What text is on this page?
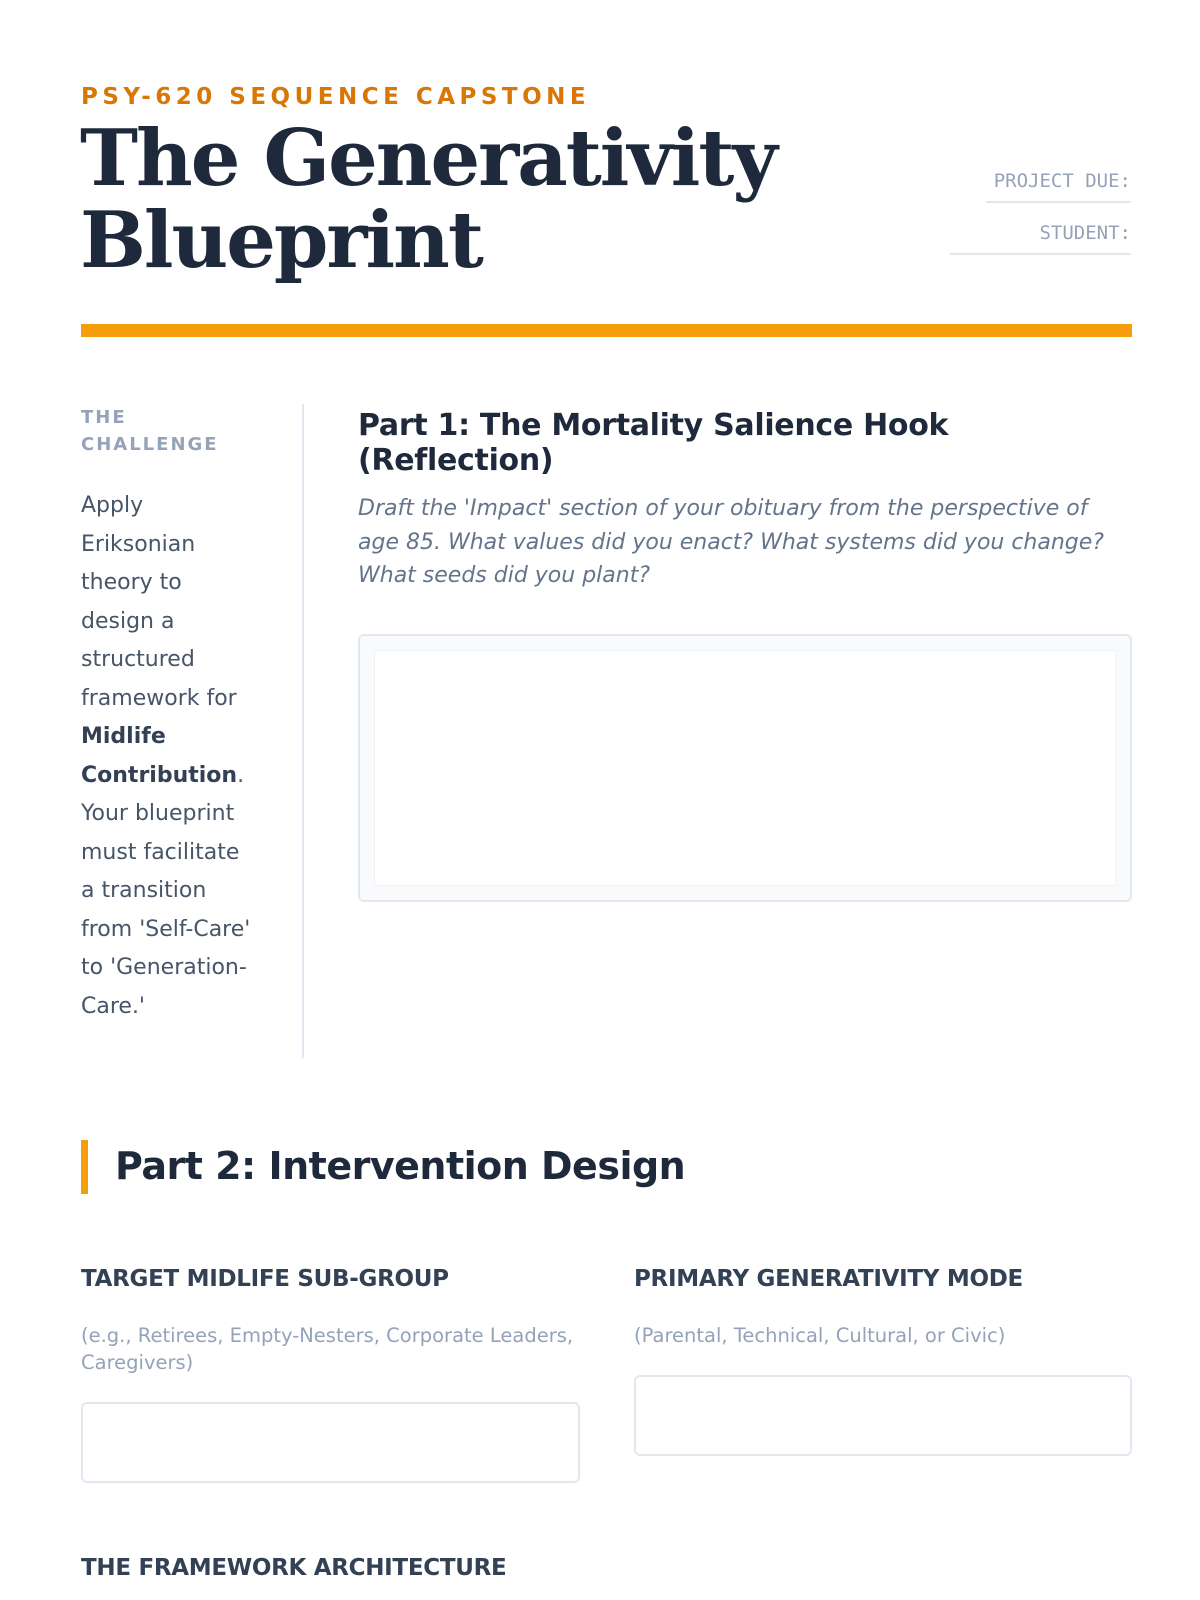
PSY-620 SEQUENCE CAPSTONE
The Generativity
Blueprint
PROJECT DUE:
STUDENT:
THE
CHALLENGE

Apply Eriksonian theory to design a structured framework for Midlife Contribution. Your blueprint must facilitate a transition from 'Self-Care' to 'Generation-Care.'

Part 1: The Mortality Salience Hook (Reflection)

Draft the 'Impact' section of your obituary from the perspective of age 85. What values did you enact? What systems did you change? What seeds did you plant?

Part 2: Intervention Design
TARGET MIDLIFE SUB-GROUP
(e.g., Retirees, Empty-Nesters, Corporate Leaders, Caregivers)
PRIMARY GENERATIVITY MODE
(Parental, Technical, Cultural, or Civic)
THE FRAMEWORK ARCHITECTURE
